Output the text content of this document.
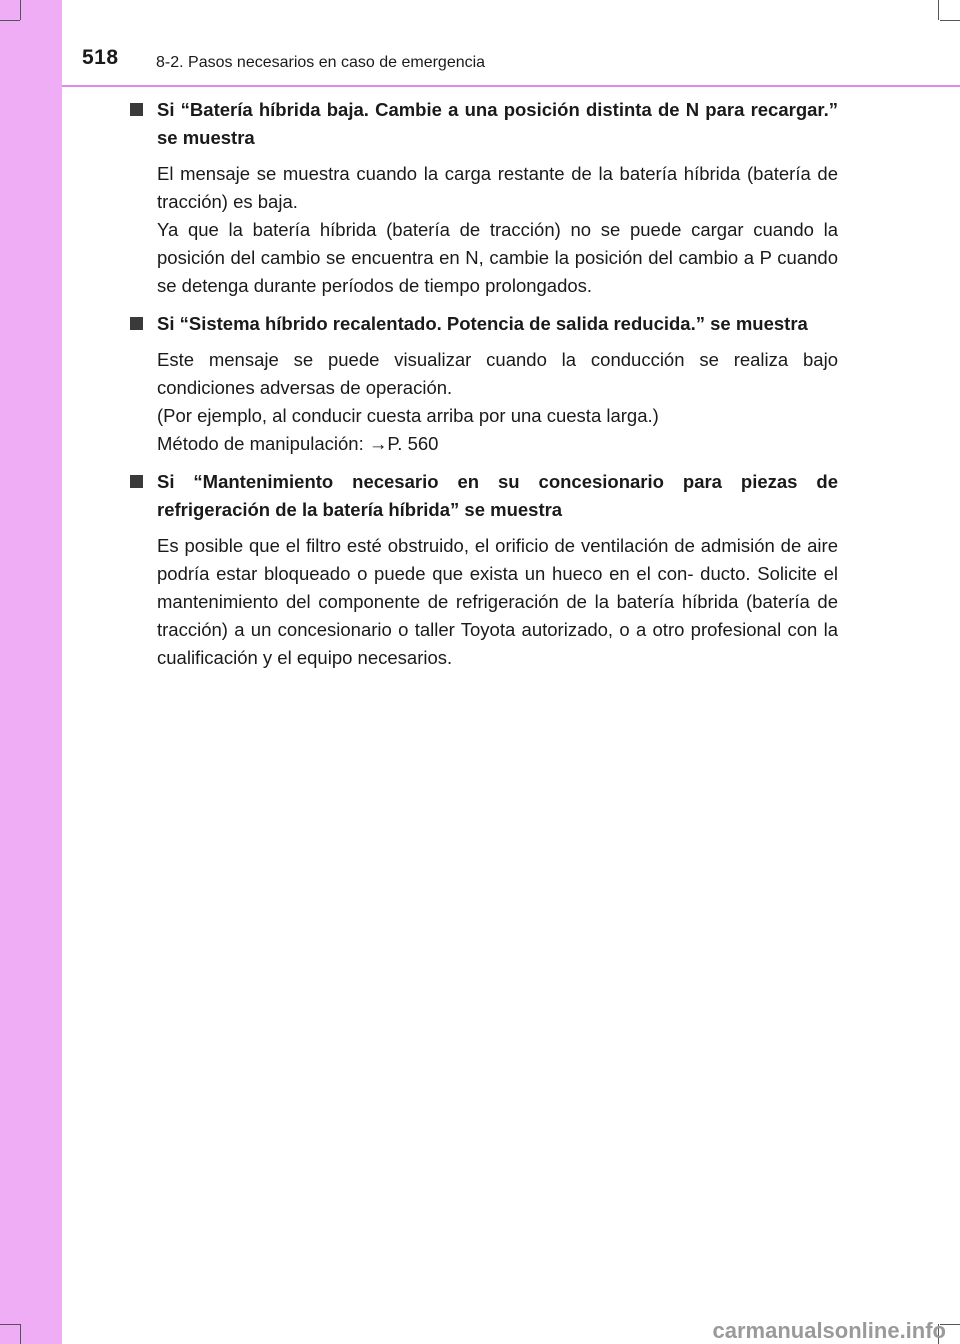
518 8-2. Pasos necesarios en caso de emergencia
Si “Batería híbrida baja. Cambie a una posición distinta de N para recargar.” se muestra

El mensaje se muestra cuando la carga restante de la batería híbrida (batería de tracción) es baja.

Ya que la batería híbrida (batería de tracción) no se puede cargar cuando la posición del cambio se encuentra en N, cambie la posición del cambio a P cuando se detenga durante períodos de tiempo prolongados.

Si “Sistema híbrido recalentado. Potencia de salida reducida.” se muestra

Este mensaje se puede visualizar cuando la conducción se realiza bajo condiciones adversas de operación.

(Por ejemplo, al conducir cuesta arriba por una cuesta larga.)

Método de manipulación: →P. 560

Si “Mantenimiento necesario en su concesionario para piezas de refrigeración de la batería híbrida” se muestra

Es posible que el filtro esté obstruido, el orificio de ventilación de admisión de aire podría estar bloqueado o puede que exista un hueco en el con- ducto. Solicite el mantenimiento del componente de refrigeración de la batería híbrida (batería de tracción) a un concesionario o taller Toyota autorizado, o a otro profesional con la cualificación y el equipo necesarios.

carmanualsonline.info
